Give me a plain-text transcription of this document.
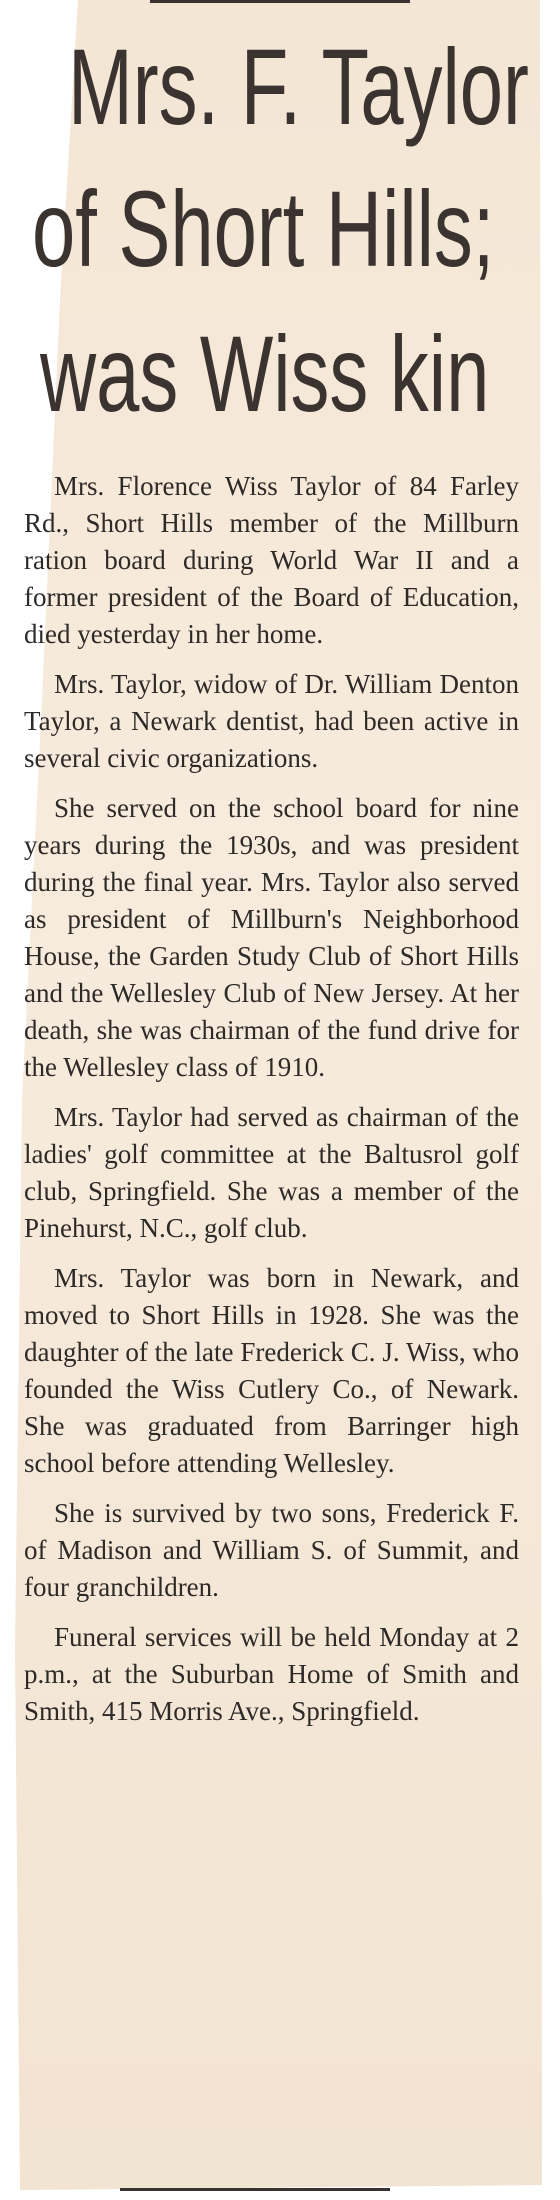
Mrs. F. Taylor
of Short Hills;
was Wiss kin

Mrs. Florence Wiss Taylor of 84 Farley Rd., Short Hills member of the Millburn ration board during World War II and a former president of the Board of Education, died yesterday in her home.

Mrs. Taylor, widow of Dr. William Denton Taylor, a Newark dentist, had been active in several civic organizations.

She served on the school board for nine years during the 1930s, and was president during the final year. Mrs. Taylor also served as president of Millburn's Neighborhood House, the Garden Study Club of Short Hills and the Wellesley Club of New Jersey. At her death, she was chairman of the fund drive for the Wellesley class of 1910.

Mrs. Taylor had served as chairman of the ladies' golf committee at the Baltusrol golf club, Springfield. She was a member of the Pinehurst, N.C., golf club.

Mrs. Taylor was born in Newark, and moved to Short Hills in 1928. She was the daughter of the late Frederick C. J. Wiss, who founded the Wiss Cutlery Co., of Newark. She was graduated from Barringer high school before attending Wellesley.

She is survived by two sons, Frederick F. of Madison and William S. of Summit, and four granchildren.

Funeral services will be held Monday at 2 p.m., at the Suburban Home of Smith and Smith, 415 Morris Ave., Springfield.
